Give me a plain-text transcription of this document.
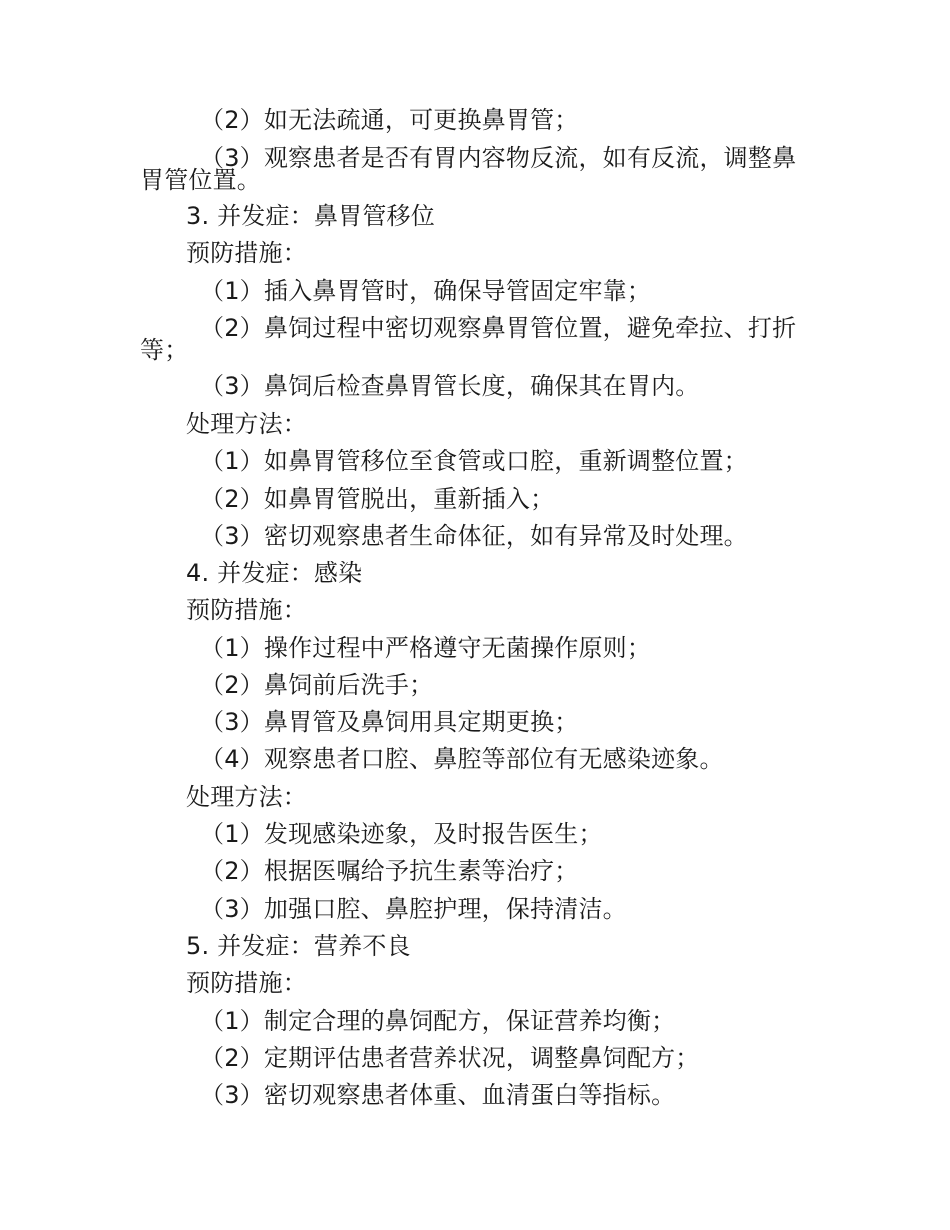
（2）如无法疏通，可更换鼻胃管；
（3）观察患者是否有胃内容物反流，如有反流，调整鼻
胃管位置。
3. 并发症：鼻胃管移位
预防措施：
（1）插入鼻胃管时，确保导管固定牢靠；
（2）鼻饲过程中密切观察鼻胃管位置，避免牵拉、打折
等；
（3）鼻饲后检查鼻胃管长度，确保其在胃内。
处理方法：
（1）如鼻胃管移位至食管或口腔，重新调整位置；
（2）如鼻胃管脱出，重新插入；
（3）密切观察患者生命体征，如有异常及时处理。
4. 并发症：感染
预防措施：
（1）操作过程中严格遵守无菌操作原则；
（2）鼻饲前后洗手；
（3）鼻胃管及鼻饲用具定期更换；
（4）观察患者口腔、鼻腔等部位有无感染迹象。
处理方法：
（1）发现感染迹象，及时报告医生；
（2）根据医嘱给予抗生素等治疗；
（3）加强口腔、鼻腔护理，保持清洁。
5. 并发症：营养不良
预防措施：
（1）制定合理的鼻饲配方，保证营养均衡；
（2）定期评估患者营养状况，调整鼻饲配方；
（3）密切观察患者体重、血清蛋白等指标。
